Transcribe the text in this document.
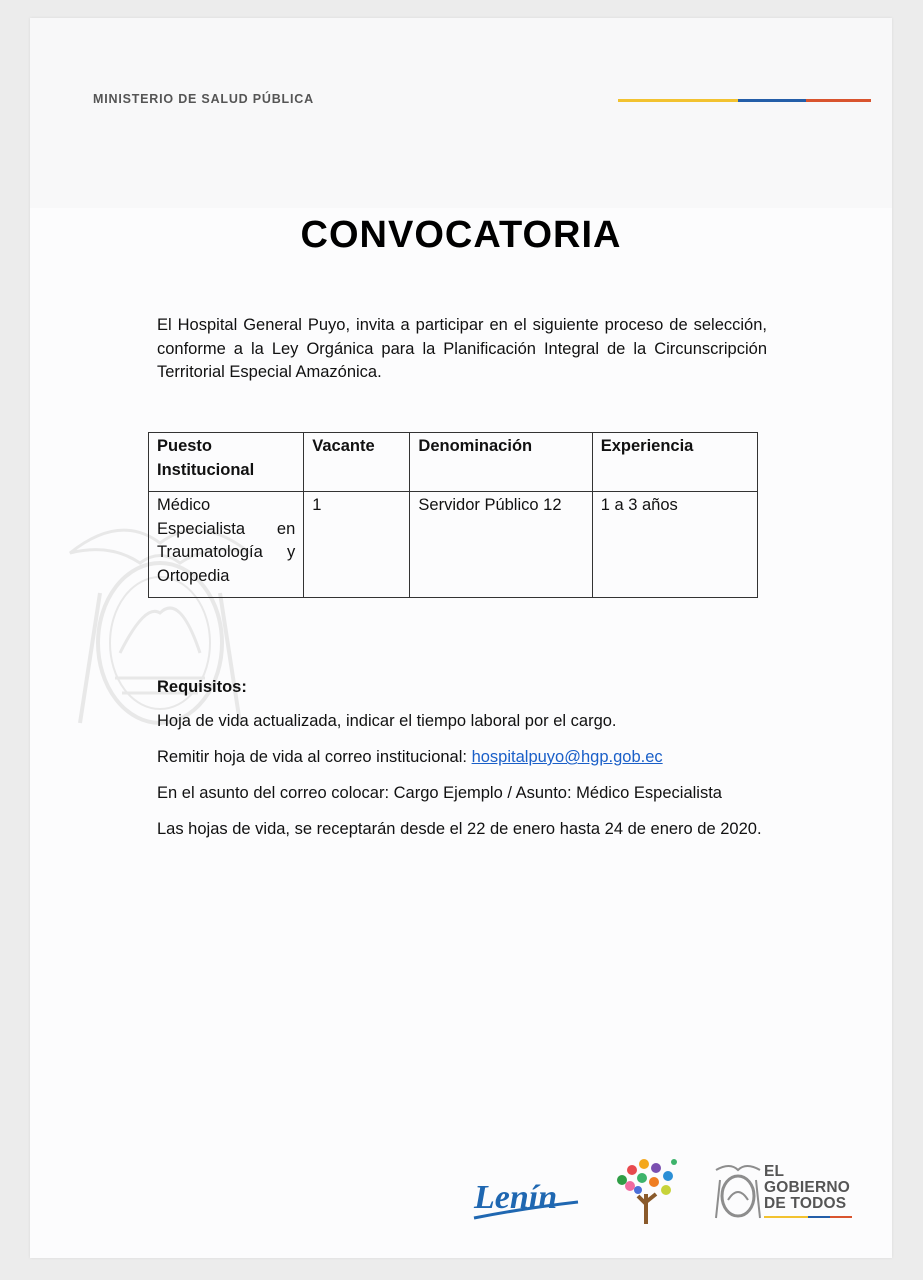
MINISTERIO DE SALUD PÚBLICA
CONVOCATORIA
El Hospital General Puyo, invita a participar en el siguiente proceso de selección, conforme a la Ley Orgánica para la Planificación Integral de la Circunscripción Territorial Especial Amazónica.
Puesto Institucional	Vacante	Denominación	Experiencia
Médico Especialista en Traumatología y Ortopedia	1	Servidor Público 12	1 a 3 años
Requisitos:
Hoja de vida actualizada, indicar el tiempo laboral por el cargo.
Remitir hoja de vida al correo institucional: hospitalpuyo@hgp.gob.ec
En el asunto del correo colocar: Cargo Ejemplo / Asunto: Médico Especialista
Las hojas de vida, se receptarán desde el 22 de enero hasta 24 de enero de 2020.
Lenín
EL
GOBIERNO
DE TODOS
